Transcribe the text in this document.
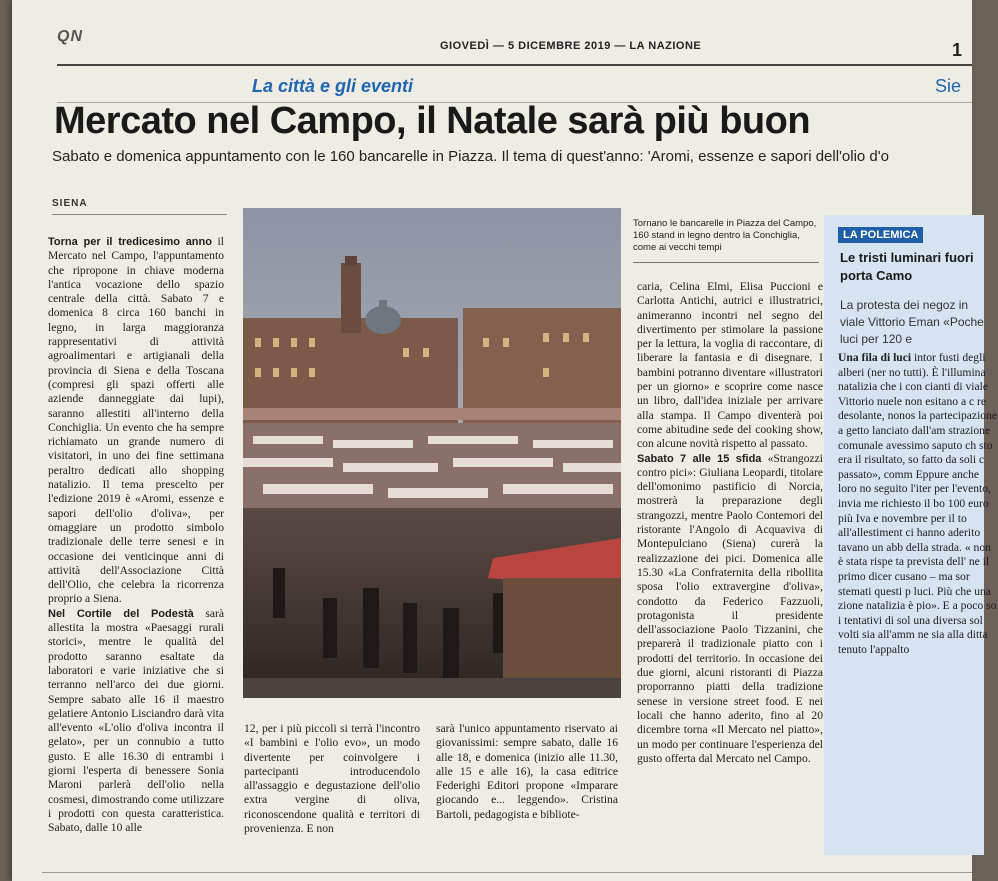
QN
GIOVEDÌ — 5 DICEMBRE 2019 — LA NAZIONE	1
La città e gli eventi	Sie
Mercato nel Campo, il Natale sarà più buon
Sabato e domenica appuntamento con le 160 bancarelle in Piazza. Il tema di quest'anno: 'Aromi, essenze e sapori dell'olio d'o
SIENA
Torna per il tredicesimo anno il Mercato nel Campo, l'appuntamento che ripropone in chiave moderna l'antica vocazione dello spazio centrale della città. Sabato 7 e domenica 8 circa 160 banchi in legno, in larga maggioranza rappresentativi di attività agroalimentari e artigianali della provincia di Siena e della Toscana (compresi gli spazi offerti alle aziende danneggiate dai lupi), saranno allestiti all'interno della Conchiglia. Un evento che ha sempre richiamato un grande numero di visitatori, in uno dei fine settimana peraltro dedicati allo shopping natalizio. Il tema prescelto per l'edizione 2019 è «Aromi, essenze e sapori dell'olio d'oliva», per omaggiare un prodotto simbolo tradizionale delle terre senesi e in occasione dei venticinque anni di attività dell'Associazione Città dell'Olio, che celebra la ricorrenza proprio a Siena.
Nel Cortile del Podestà sarà allestita la mostra «Paesaggi rurali storici», mentre le qualità del prodotto saranno esaltate da laboratori e varie iniziative che si terranno nell'arco dei due giorni. Sempre sabato alle 16 il maestro gelatiere Antonio Lisciandro darà vita all'evento «L'olio d'oliva incontra il gelato», per un connubio a tutto gusto. E alle 16.30 di entrambi i giorni l'esperta di benessere Sonia Maroni parlerà dell'olio nella cosmesi, dimostrando come utilizzare i prodotti con questa caratteristica. Sabato, dalle 10 alle
Tornano le bancarelle in Piazza del Campo, 160 stand in legno dentro la Conchiglia, come ai vecchi tempi
caria, Celina Elmi, Elisa Puccioni e Carlotta Antichi, autrici e illustratrici, animeranno incontri nel segno del divertimento per stimolare la passione per la lettura, la voglia di raccontare, di liberare la fantasia e di disegnare. I bambini potranno diventare «illustratori per un giorno» e scoprire come nasce un libro, dall'idea iniziale per arrivare alla stampa. Il Campo diventerà poi come abitudine sede del cooking show, con alcune novità rispetto al passato.
Sabato 7 alle 15 sfida «Strangozzi contro pici»: Giuliana Leopardi, titolare dell'omonimo pastificio di Norcia, mostrerà la preparazione degli strangozzi, mentre Paolo Contemori del ristorante l'Angolo di Acquaviva di Montepulciano (Siena) curerà la realizzazione dei pici. Domenica alle 15.30 «La Confraternita della ribollita sposa l'olio extravergine d'oliva», condotto da Federico Fazzuoli, protagonista il presidente dell'associazione Paolo Tizzanini, che preparerà il tradizionale piatto con i prodotti del territorio. In occasione dei due giorni, alcuni ristoranti di Piazza proporranno piatti della tradizione senese in versione street food. E nei locali che hanno aderito, fino al 20 dicembre torna «Il Mercato nel piatto», un modo per continuare l'esperienza del gusto offerta dal Mercato nel Campo.
12, per i più piccoli si terrà l'incontro «I bambini e l'olio evo», un modo divertente per coinvolgere i partecipanti introducendolo all'assaggio e degustazione dell'olio extra vergine di oliva, riconoscendone qualità e territori di provenienza. E non
sarà l'unico appuntamento riservato ai giovanissimi: sempre sabato, dalle 16 alle 18, e domenica (inizio alle 11.30, alle 15 e alle 16), la casa editrice Federighi Editori propone «Imparare giocando e... leggendo». Cristina Bartoli, pedagogista e bibliote-
LA POLEMICA
Le tristi luminari fuori porta Camo
La protesta dei negoz in viale Vittorio Eman «Poche luci per 120 e
Una fila di luci intor fusti degli alberi (ner no tutti). È l'illumina natalizia che i con cianti di viale Vittorio nuele non esitano a c re desolante, nonos la partecipazione a getto lanciato dall'am strazione comunale avessimo saputo ch sto era il risultato, so fatto da soli c passato», comm Eppure anche loro no seguito l'iter per l'evento, invia me richiesto il bo 100 euro più Iva e novembre per il to all'allestiment ci hanno aderito tavano un abb della strada. « non è stata rispe ta prevista dell' ne il primo dicer cusano – ma sor stemati questi p luci. Più che una zione natalizia è pio». E a poco so i tentativi di sol una diversa sol volti sia all'amm ne sia alla ditta tenuto l'appalto
